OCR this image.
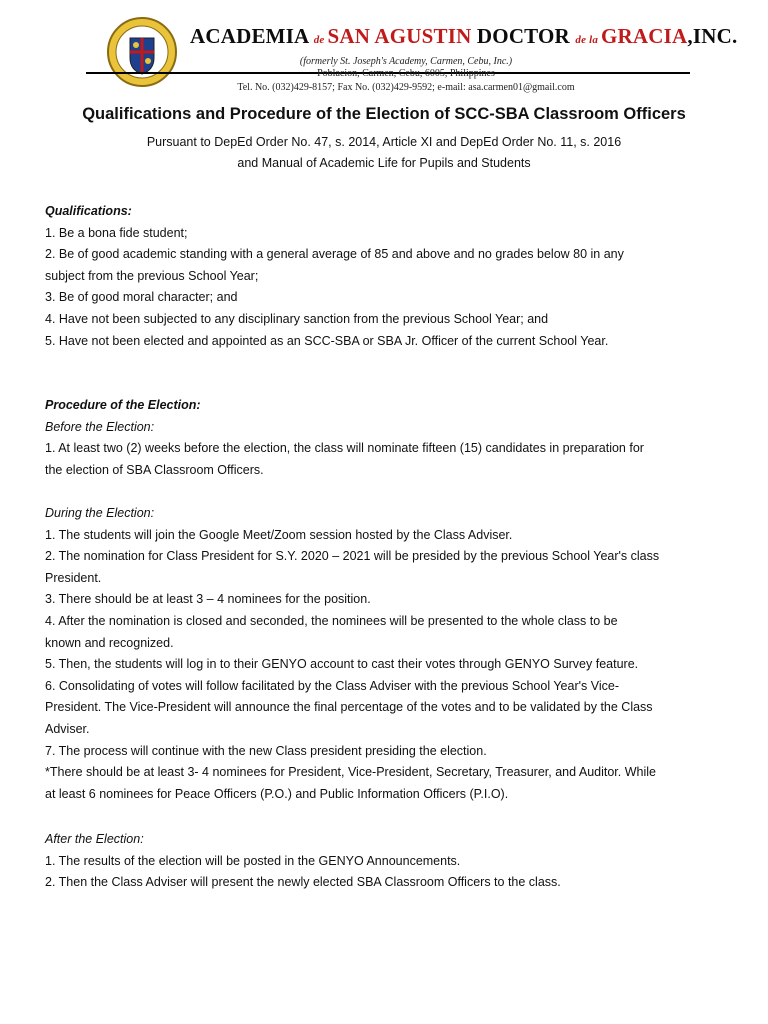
ACADEMIA de SAN AGUSTIN DOCTOR de la GRACIA,INC.
(formerly St. Joseph's Academy, Carmen, Cebu, Inc.)
Poblacion, Carmen, Cebu, 6005, Philippines
Tel. No. (032)429-8157; Fax No. (032)429-9592; e-mail: asa.carmen01@gmail.com
Qualifications and Procedure of the Election of SCC-SBA Classroom Officers
Pursuant to DepEd Order No. 47, s. 2014, Article XI and DepEd Order No. 11, s. 2016
and Manual of Academic Life for Pupils and Students

Qualifications:

1. Be a bona fide student;

2. Be of good academic standing with a general average of 85 and above and no grades below 80 in any

subject from the previous School Year;

3. Be of good moral character; and

4. Have not been subjected to any disciplinary sanction from the previous School Year; and

5. Have not been elected and appointed as an SCC-SBA or SBA Jr. Officer of the current School Year.

Procedure of the Election:

Before the Election:

1. At least two (2) weeks before the election, the class will nominate fifteen (15) candidates in preparation for

the election of SBA Classroom Officers.

During the Election:

1. The students will join the Google Meet/Zoom session hosted by the Class Adviser.

2. The nomination for Class President for S.Y. 2020 – 2021 will be presided by the previous School Year's class

President.

3. There should be at least 3 – 4 nominees for the position.

4. After the nomination is closed and seconded, the nominees will be presented to the whole class to be

known and recognized.

5. Then, the students will log in to their GENYO account to cast their votes through GENYO Survey feature.

6. Consolidating of votes will follow facilitated by the Class Adviser with the previous School Year's Vice-

President. The Vice-President will announce the final percentage of the votes and to be validated by the Class

Adviser.

7. The process will continue with the new Class president presiding the election.

*There should be at least 3- 4 nominees for President, Vice-President, Secretary, Treasurer, and Auditor. While

at least 6 nominees for Peace Officers (P.O.) and Public Information Officers (P.I.O).

After the Election:

1. The results of the election will be posted in the GENYO Announcements.

2. Then the Class Adviser will present the newly elected SBA Classroom Officers to the class.
